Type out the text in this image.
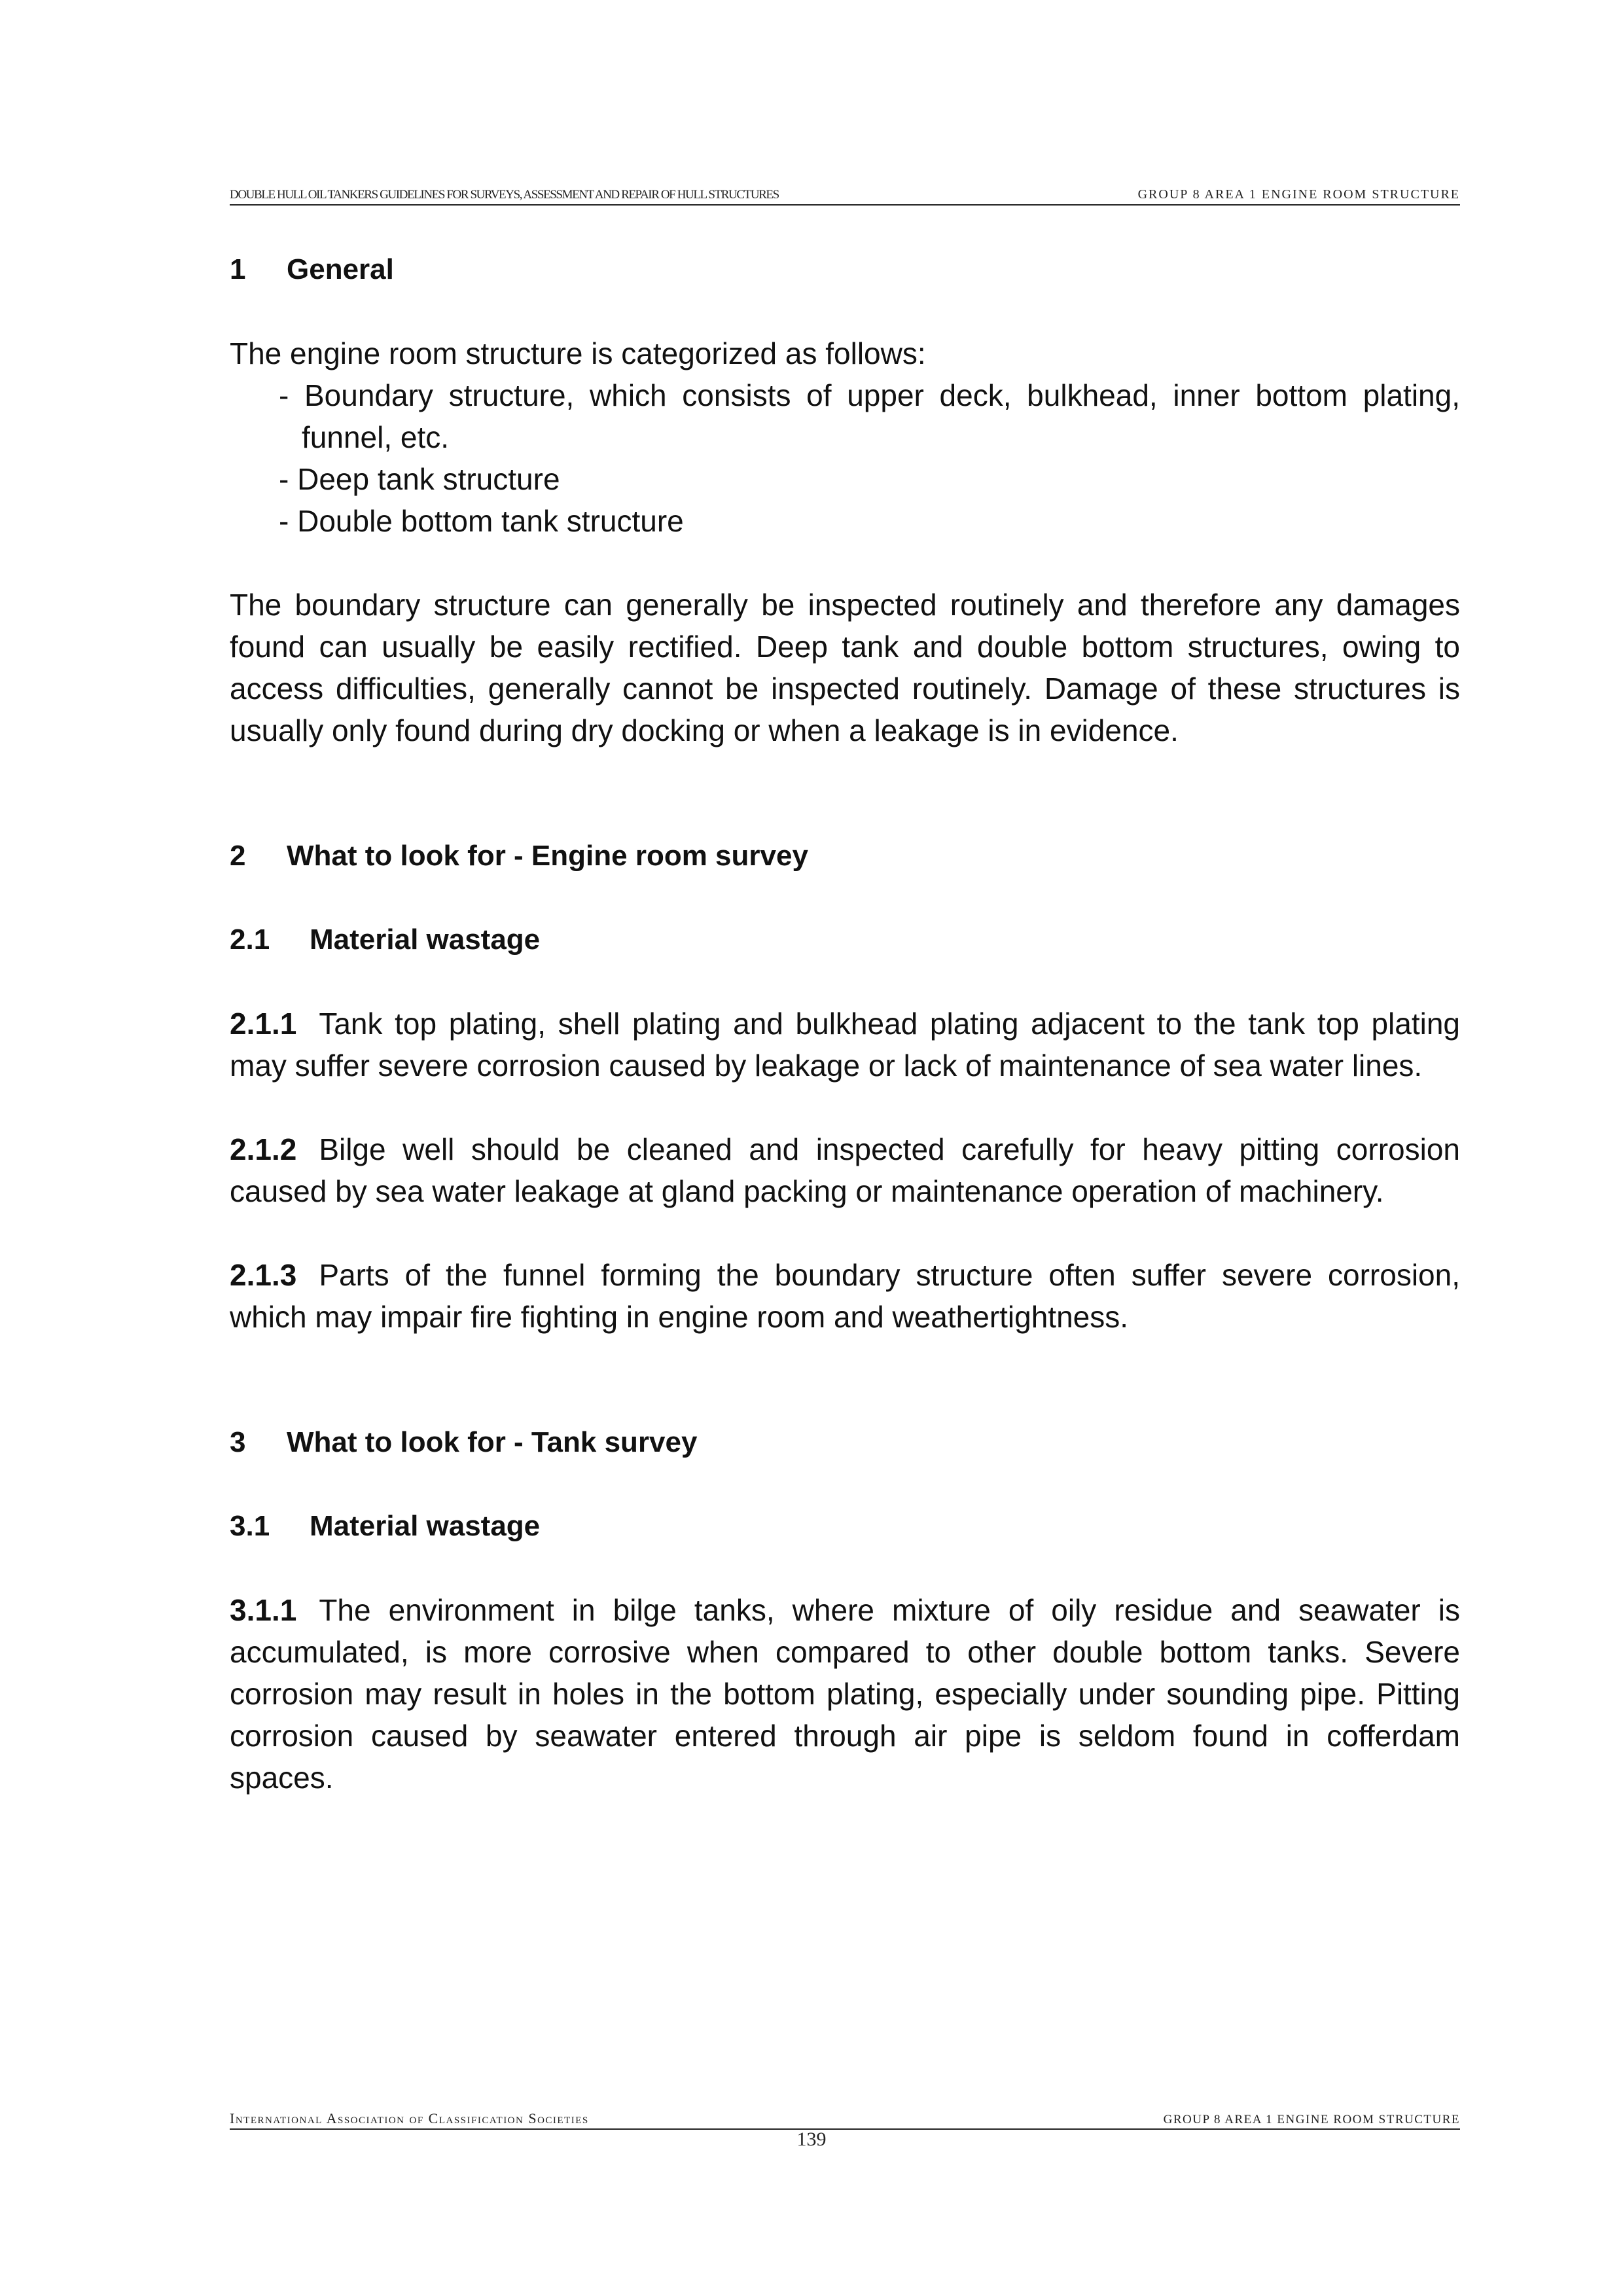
DOUBLE HULL OIL TANKERS GUIDELINES FOR SURVEYS, ASSESSMENT AND REPAIR OF HULL STRUCTURES	GROUP 8 AREA 1 ENGINE ROOM STRUCTURE
1	General

The engine room structure is categorized as follows:

- Boundary structure, which consists of upper deck, bulkhead, inner bottom plating, funnel, etc.
- Deep tank structure
- Double bottom tank structure

The boundary structure can generally be inspected routinely and therefore any damages found can usually be easily rectified. Deep tank and double bottom structures, owing to access difficulties, generally cannot be inspected routinely. Damage of these structures is usually only found during dry docking or when a leakage is in evidence.

2	What to look for - Engine room survey
2.1	Material wastage

2.1.1 Tank top plating, shell plating and bulkhead plating adjacent to the tank top plating may suffer severe corrosion caused by leakage or lack of maintenance of sea water lines.

2.1.2 Bilge well should be cleaned and inspected carefully for heavy pitting corrosion caused by sea water leakage at gland packing or maintenance operation of machinery.

2.1.3 Parts of the funnel forming the boundary structure often suffer severe corrosion, which may impair fire fighting in engine room and weathertightness.

3	What to look for - Tank survey
3.1	Material wastage

3.1.1 The environment in bilge tanks, where mixture of oily residue and seawater is accumulated, is more corrosive when compared to other double bottom tanks. Severe corrosion may result in holes in the bottom plating, especially under sounding pipe. Pitting corrosion caused by seawater entered through air pipe is seldom found in cofferdam spaces.

International Association of Classification Societies	GROUP 8 AREA 1 ENGINE ROOM STRUCTURE
139
